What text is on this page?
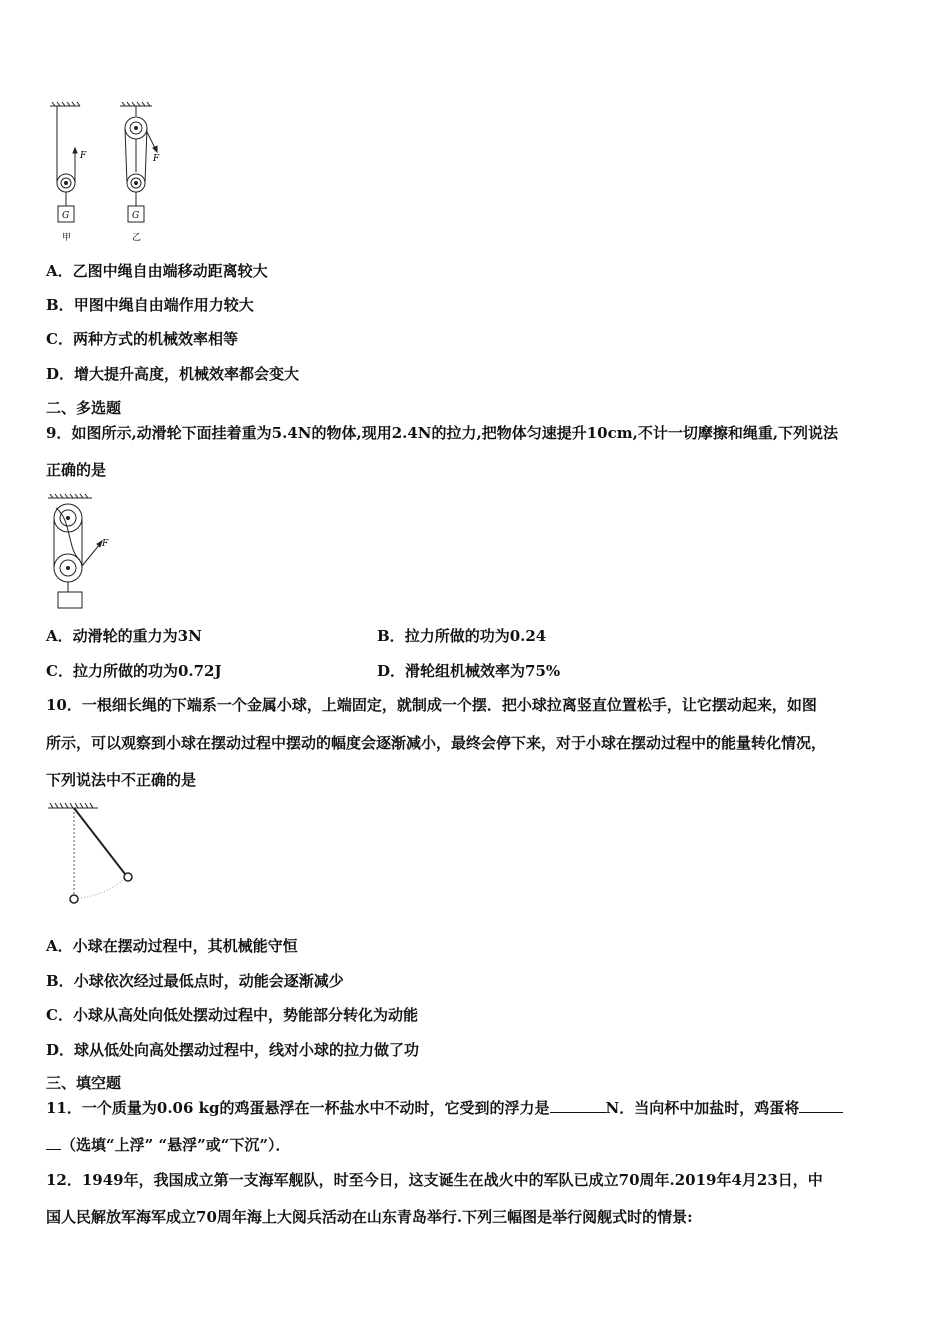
G
F
甲
G
F
乙
A．乙图中绳自由端移动距离较大
B．甲图中绳自由端作用力较大
C．两种方式的机械效率相等
D．增大提升高度，机械效率都会变大
二、多选题
9．如图所示,动滑轮下面挂着重为5.4N的物体,现用2.4N的拉力,把物体匀速提升10cm,不计一切摩擦和绳重,下列说法
正确的是
F
A．动滑轮的重力为3N	B．拉力所做的功为0.24
C．拉力所做的功为0.72J	D．滑轮组机械效率为75%
10．一根细长绳的下端系一个金属小球，上端固定，就制成一个摆．把小球拉离竖直位置松手，让它摆动起来，如图
所示，可以观察到小球在摆动过程中摆动的幅度会逐渐减小，最终会停下来，对于小球在摆动过程中的能量转化情况，
下列说法中不正确的是
A．小球在摆动过程中，其机械能守恒
B．小球依次经过最低点时，动能会逐渐减少
C．小球从高处向低处摆动过程中，势能部分转化为动能
D．球从低处向高处摆动过程中，线对小球的拉力做了功
三、填空题
11．一个质量为0.06 kg的鸡蛋悬浮在一杯盐水中不动时，它受到的浮力是	N．当向杯中加盐时，鸡蛋将
（选填“上浮” “悬浮”或“下沉”）．
12．1949年，我国成立第一支海军舰队，时至今日，这支诞生在战火中的军队已成立70周年.2019年4月23日，中
国人民解放军海军成立70周年海上大阅兵活动在山东青岛举行.下列三幅图是举行阅舰式时的情景:
